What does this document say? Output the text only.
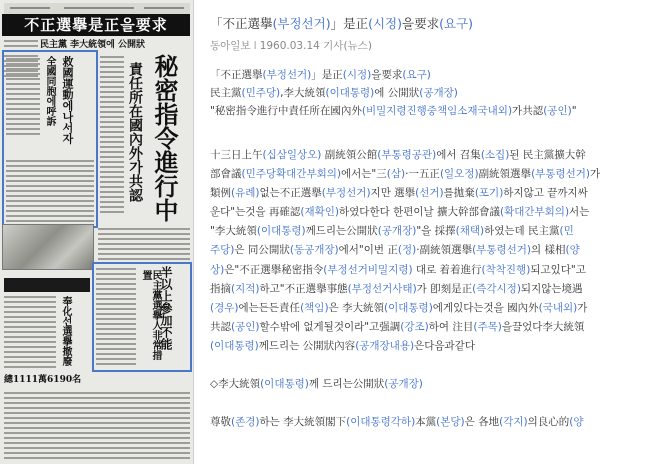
不正選擧是正을要求
民主黨 李大統領에 公開狀
救國運動에나서자
全國同胞에呼訴	秘密指令進行中
責任所在國內外가共認
半以上參加不能
民主黨選擧人非常措置
奉化선選擧撤廢
總1111萬6190名
「不正選擧(부정선거)」是正(시정)을要求(요구)
동아일보 I 1960.03.14 기사(뉴스)
「不正選擧(부정선거)」是正(시정)을要求(요구)
民主黨(민주당),李大統領(이대통령)에 公開狀(공개장)
"秘密指令進行中責任所在國內外(비밀지령진행중책임소재국내외)가共認(공인)"
十三日上午(십삼일상오) 副統領公館(부통령공관)에서 召集(소집)된 民主黨擴大幹
部會議(민주당확대간부회의)에서는"三(삼)·一五正(일오정)副統領選擧(부통령선거)가
類例(유례)없는不正選擧(부정선거)지만 選擧(선거)를拋棄(포기)하지않고 끝까지싸
운다"는것을 再確認(재확인)하였다한다 한편이날 擴大幹部會議(확대간부회의)서는
"李大統領(이대통령)께드리는公開狀(공개장)"을 採擇(채택)하였는데 民主黨(민
주당)은 同公開狀(동공개장)에서"이번 正(정)·副統領選擧(부통령선거)의 樣相(양
상)은"不正選擧秘密指令(부정선거비밀지령) 대로 着着進行(착착진행)되고있다"고
指摘(지적)하고"不正選擧事態(부정선거사태)가 卽刻是正(즉각시정)되지않는境遇
(경우)에는든든責任(책임)은 李大統領(이대통령)에게있다는것을 國內外(국내외)가
共認(공인)할수밖에 없게될것이라"고强調(강조)하여 注目(주목)을끌었다李大統領
(이대통령)께드리는 公開狀內容(공개장내용)은다음과같다
◇李大統領(이대통령)께 드리는公開狀(공개장)
尊敬(존경)하는 李大統領閣下(이대통령각하)本黨(본당)은 各地(각지)의良心的(양
